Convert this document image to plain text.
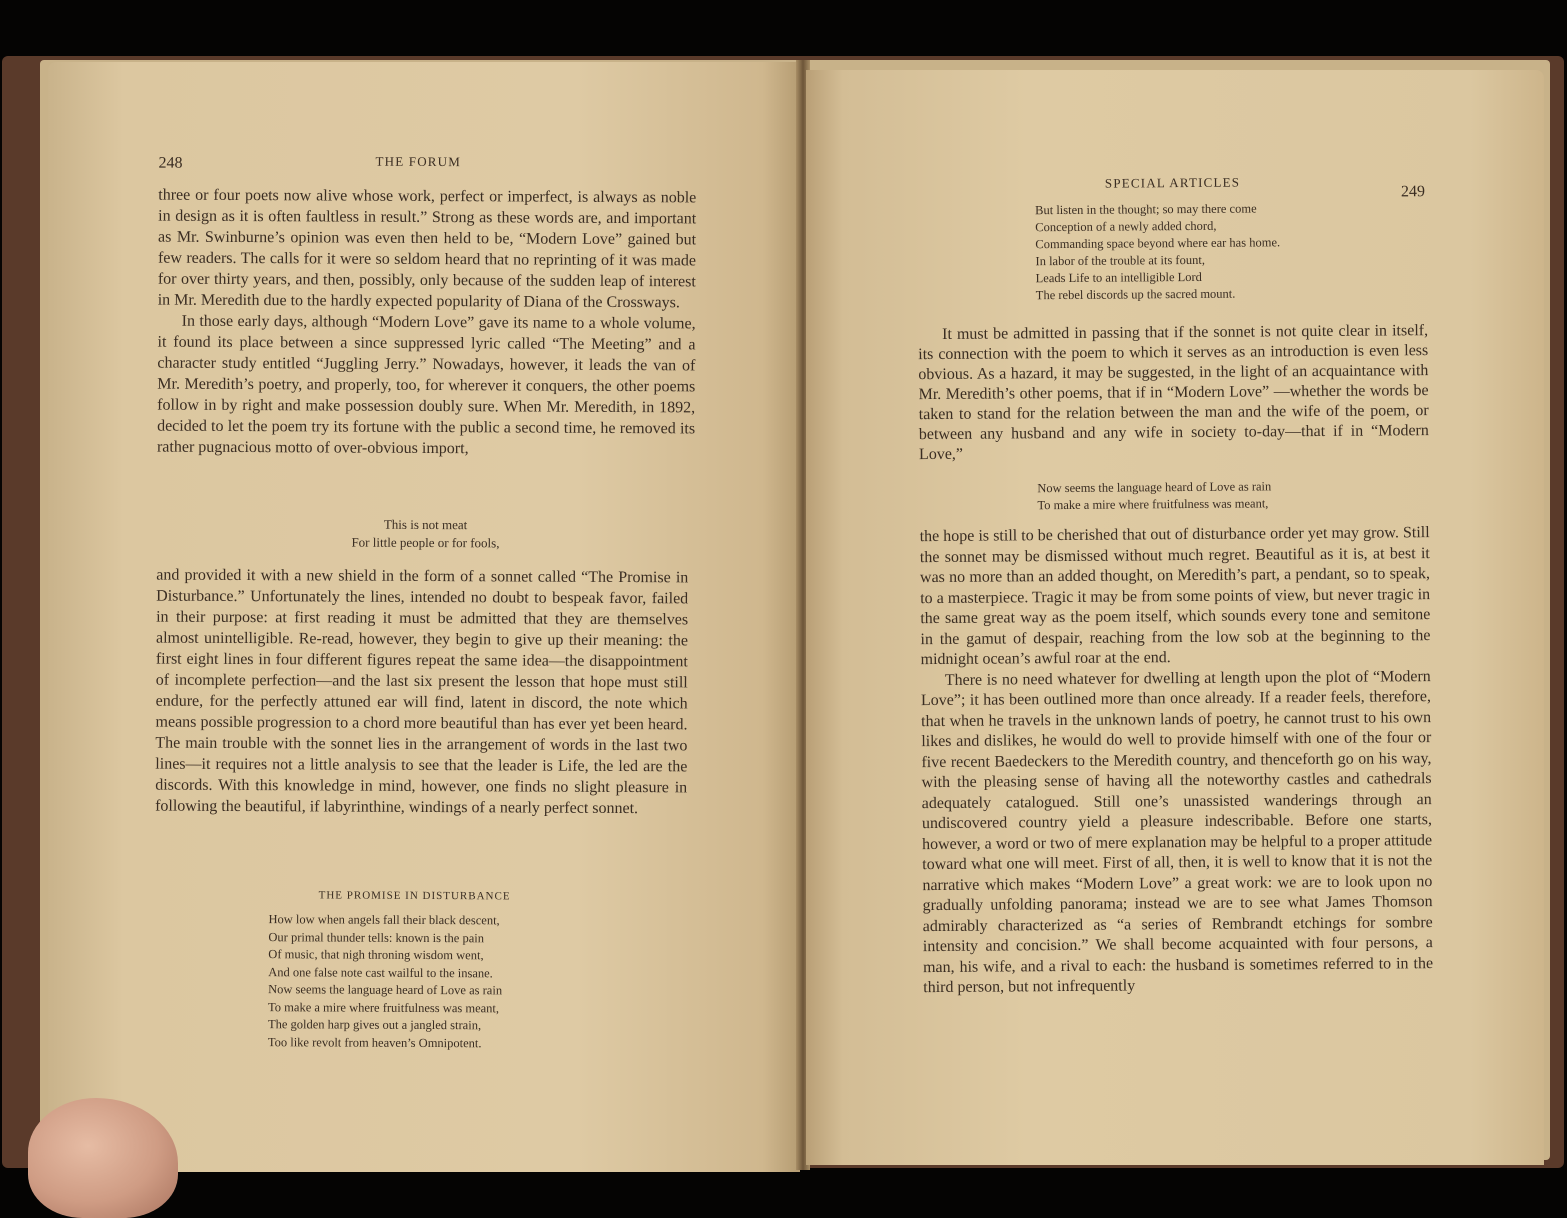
248	THE FORUM

three or four poets now alive whose work, perfect or imperfect, is always as noble in design as it is often faultless in result.” Strong as these words are, and important as Mr. Swinburne’s opinion was even then held to be, “Modern Love” gained but few readers. The calls for it were so seldom heard that no reprinting of it was made for over thirty years, and then, possibly, only because of the sudden leap of interest in Mr. Meredith due to the hardly expected popularity of Diana of the Crossways.

In those early days, although “Modern Love” gave its name to a whole volume, it found its place between a since suppressed lyric called “The Meeting” and a character study entitled “Juggling Jerry.” Nowadays, however, it leads the van of Mr. Meredith’s poetry, and properly, too, for wherever it conquers, the other poems follow in by right and make possession doubly sure. When Mr. Meredith, in 1892, decided to let the poem try its fortune with the public a second time, he removed its rather pugnacious motto of over-obvious import,

This is not meat
For little people or for fools,

and provided it with a new shield in the form of a sonnet called “The Promise in Disturbance.” Unfortunately the lines, intended no doubt to bespeak favor, failed in their purpose: at first reading it must be admitted that they are themselves almost unintelligible. Re-read, however, they begin to give up their meaning: the first eight lines in four different figures repeat the same idea—the disappointment of incomplete perfection—and the last six present the lesson that hope must still endure, for the perfectly attuned ear will find, latent in discord, the note which means possible progression to a chord more beautiful than has ever yet been heard. The main trouble with the sonnet lies in the arrangement of words in the last two lines—it requires not a little analysis to see that the leader is Life, the led are the discords. With this knowledge in mind, however, one finds no slight pleasure in following the beautiful, if labyrinthine, windings of a nearly perfect sonnet.

THE PROMISE IN DISTURBANCE
How low when angels fall their black descent,
Our primal thunder tells: known is the pain
Of music, that nigh throning wisdom went,
And one false note cast wailful to the insane.
Now seems the language heard of Love as rain
To make a mire where fruitfulness was meant,
The golden harp gives out a jangled strain,
Too like revolt from heaven’s Omnipotent.
SPECIAL ARTICLES
249
But listen in the thought; so may there come
Conception of a newly added chord,
Commanding space beyond where ear has home.
In labor of the trouble at its fount,
Leads Life to an intelligible Lord
The rebel discords up the sacred mount.

It must be admitted in passing that if the sonnet is not quite clear in itself, its connection with the poem to which it serves as an introduction is even less obvious. As a hazard, it may be suggested, in the light of an acquaintance with Mr. Meredith’s other poems, that if in “Modern Love” —whether the words be taken to stand for the relation between the man and the wife of the poem, or between any husband and any wife in society to-day—that if in “Modern Love,”

Now seems the language heard of Love as rain
To make a mire where fruitfulness was meant,

the hope is still to be cherished that out of disturbance order yet may grow. Still the sonnet may be dismissed without much regret. Beautiful as it is, at best it was no more than an added thought, on Meredith’s part, a pendant, so to speak, to a masterpiece. Tragic it may be from some points of view, but never tragic in the same great way as the poem itself, which sounds every tone and semitone in the gamut of despair, reaching from the low sob at the beginning to the midnight ocean’s awful roar at the end.

There is no need whatever for dwelling at length upon the plot of “Modern Love”; it has been outlined more than once already. If a reader feels, therefore, that when he travels in the unknown lands of poetry, he cannot trust to his own likes and dislikes, he would do well to provide himself with one of the four or five recent Baedeckers to the Meredith country, and thenceforth go on his way, with the pleasing sense of having all the noteworthy castles and cathedrals adequately catalogued. Still one’s unassisted wanderings through an undiscovered country yield a pleasure indescribable. Before one starts, however, a word or two of mere explanation may be helpful to a proper attitude toward what one will meet. First of all, then, it is well to know that it is not the narrative which makes “Modern Love” a great work: we are to look upon no gradually unfolding panorama; instead we are to see what James Thomson admirably characterized as “a series of Rembrandt etchings for sombre intensity and concision.” We shall become acquainted with four persons, a man, his wife, and a rival to each: the husband is sometimes referred to in the third person, but not infrequently
